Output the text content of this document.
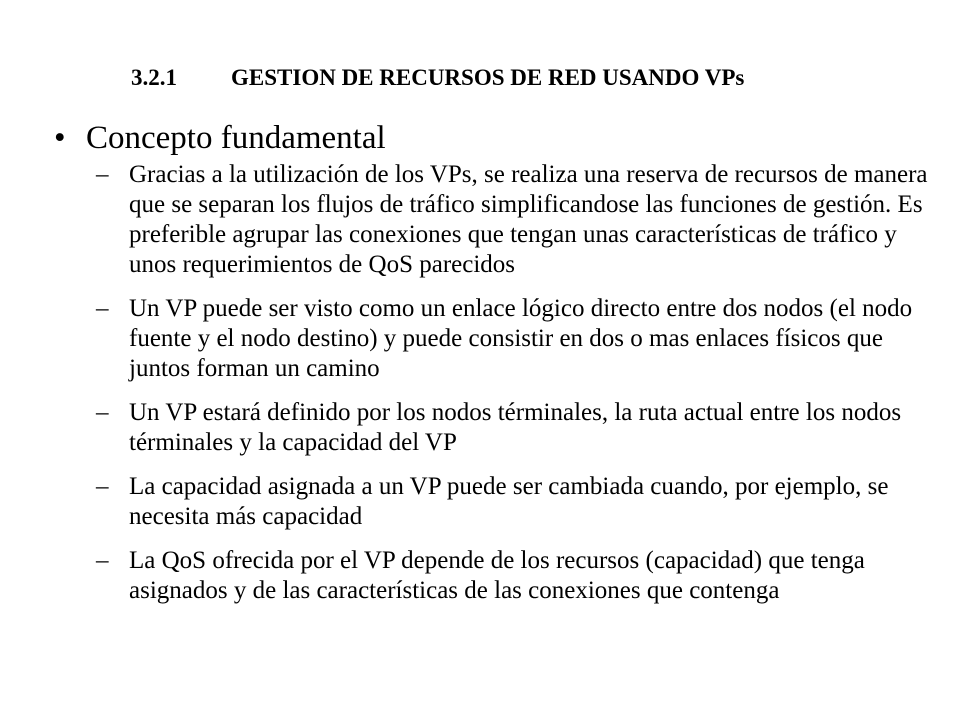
3.2.1 GESTION DE RECURSOS DE RED USANDO VPs
• Concepto fundamental
– Gracias a la utilización de los VPs, se realiza una reserva de recursos de manera que se separan los flujos de tráfico simplificandose las funciones de gestión. Es preferible agrupar las conexiones que tengan unas características de tráfico y unos requerimientos de QoS parecidos
– Un VP puede ser visto como un enlace lógico directo entre dos nodos (el nodo fuente y el nodo destino) y puede consistir en dos o mas enlaces físicos que juntos forman un camino
– Un VP estará definido por los nodos términales, la ruta actual entre los nodos términales y la capacidad del VP
– La capacidad asignada a un VP puede ser cambiada cuando, por ejemplo, se necesita más capacidad
– La QoS ofrecida por el VP depende de los recursos (capacidad) que tenga asignados y de las características de las conexiones que contenga
